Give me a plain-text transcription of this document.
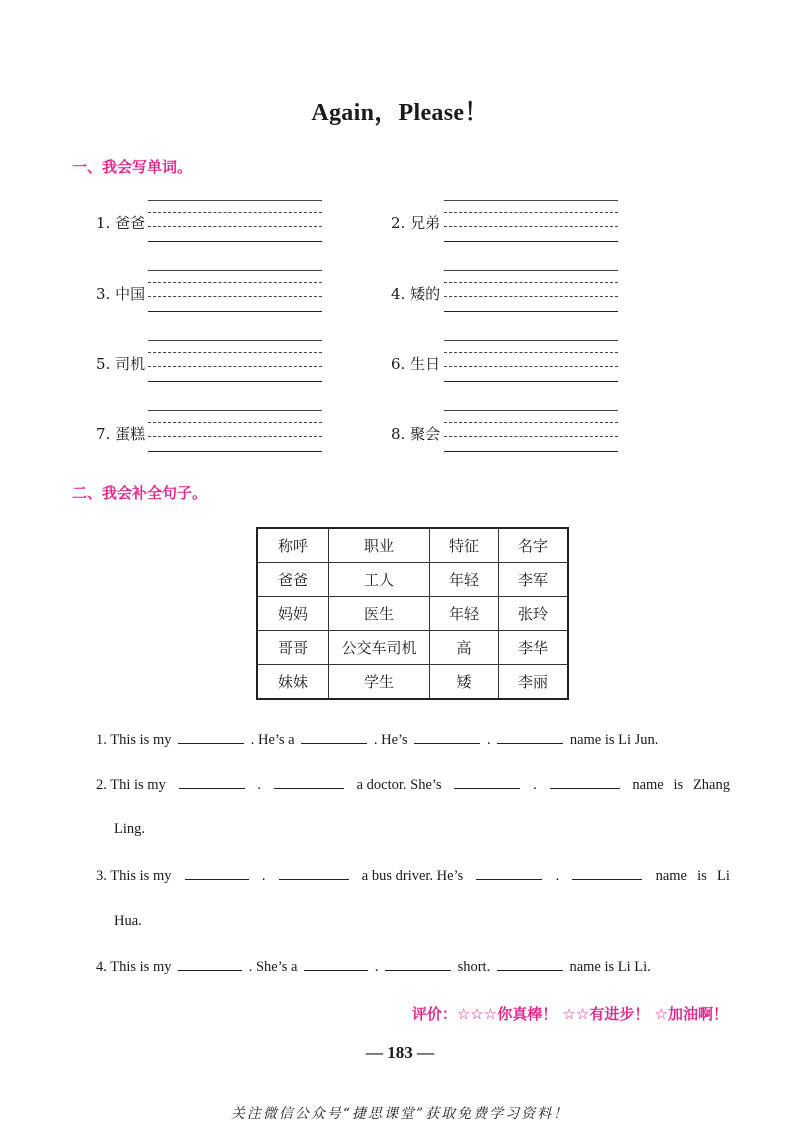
Again，Please！
一、我会写单词。
1. 爸爸	2. 兄弟
3. 中国	4. 矮的
5. 司机	6. 生日
7. 蛋糕	8. 聚会
二、我会补全句子。
称呼	职业	特征	名字
爸爸	工人	年轻	李军
妈妈	医生	年轻	张玲
哥哥	公交车司机	高	李华
妹妹	学生	矮	李丽
1. This is my	. He’s a	. He’s	.	name is Li Jun.
2. Thi is my	.	a doctor. She’s	.	name is Zhang
Ling.
3. This is my	.	a bus driver. He’s	.	name is Li
Hua.
4. This is my	. She’s a	.	short.	name is Li Li.
评价：☆☆☆你真棒！ ☆☆有进步！ ☆加油啊！
— 183 —
关注微信公众号“捷思课堂”获取免费学习资料！
